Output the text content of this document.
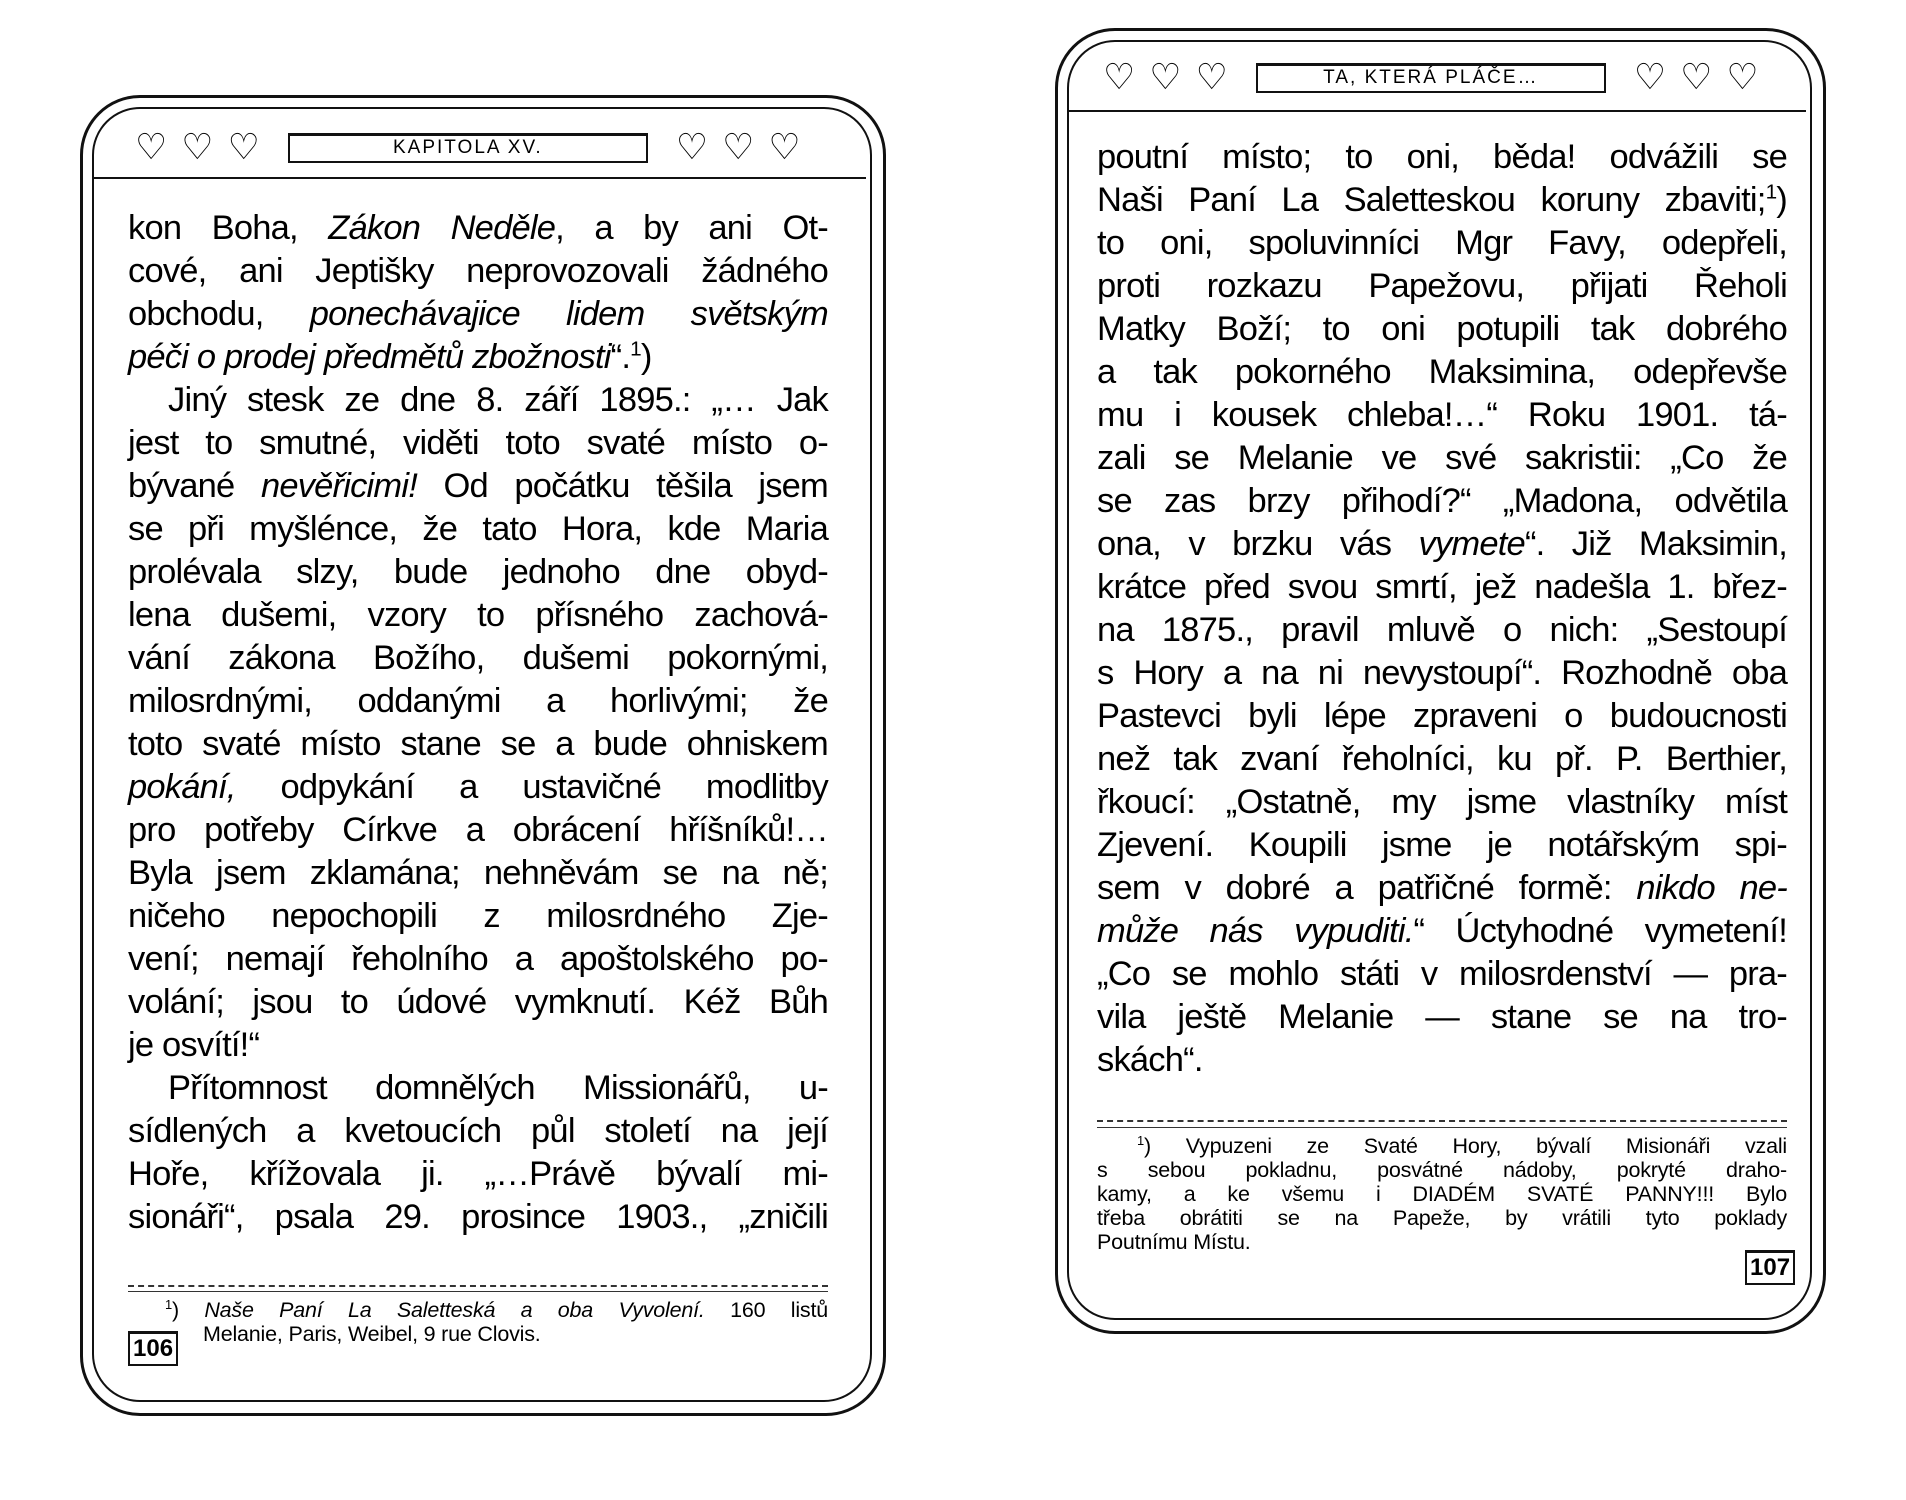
♡ ♡ ♡	KAPITOLA XV.	♡ ♡ ♡
kon Boha, Zákon Neděle, a by ani Ot-
cové, ani Jeptišky neprovozovali žádného
obchodu, ponechávajice lidem světským
péči o prodej předmětů zbožnosti“.$^1$)
Jiný stesk ze dne 8. září 1895.: „… Jak
jest to smutné, viděti toto svaté místo o-
bývané nevěřicimi! Od počátku těšila jsem
se při myšlénce, že tato Hora, kde Maria
prolévala slzy, bude jednoho dne obyd-
lena dušemi, vzory to přísného zachová-
vání zákona Božího, dušemi pokornými,
milosrdnými, oddanými a horlivými; že
toto svaté místo stane se a bude ohniskem
pokání, odpykání a ustavičné modlitby
pro potřeby Církve a obrácení hříšníků!…
Byla jsem zklamána; nehněvám se na ně;
ničeho nepochopili z milosrdného Zje-
vení; nemají řeholního a apoštolského po-
volání; jsou to údové vymknutí. Kéž Bůh
je osvítí!“
Přítomnost domnělých Missionářů, u-
sídlených a kvetoucích půl století na její
Hoře, křížovala ji. „…Právě bývalí mi-
sionáři“, psala 29. prosince 1903., „zničili
$^1$) Naše Paní La Saletteská a oba Vyvolení. 160 listů
Melanie, Paris, Weibel, 9 rue Clovis.
106
♡ ♡ ♡	TA, KTERÁ PLÁČE…	♡ ♡ ♡
poutní místo; to oni, běda! odvážili se
Naši Paní La Saletteskou koruny zbaviti;$^1$)
to oni, spoluvinníci Mgr Favy, odepřeli,
proti rozkazu Papežovu, přijati Řeholi
Matky Boží; to oni potupili tak dobrého
a tak pokorného Maksimina, odepřevše
mu i kousek chleba!…“ Roku 1901. tá-
zali se Melanie ve své sakristii: „Co že
se zas brzy přihodí?“ „Madona, odvětila
ona, v brzku vás vymete“. Již Maksimin,
krátce před svou smrtí, jež nadešla 1. břez-
na 1875., pravil mluvě o nich: „Sestoupí
s Hory a na ni nevystoupí“. Rozhodně oba
Pastevci byli lépe zpraveni o budoucnosti
než tak zvaní řeholníci, ku př. P. Berthier,
řkoucí: „Ostatně, my jsme vlastníky míst
Zjevení. Koupili jsme je notářským spi-
sem v dobré a patřičné formě: nikdo ne-
může nás vypuditi.“ Úctyhodné vymetení!
„Co se mohlo státi v milosrdenství — pra-
vila ještě Melanie — stane se na tro-
skách“.
$^1$) Vypuzeni ze Svaté Hory, bývalí Misionáři vzali
s sebou pokladnu, posvátné nádoby, pokryté draho-
kamy, a ke všemu i DIADÉM SVATÉ PANNY!!! Bylo
třeba obrátiti se na Papeže, by vrátili tyto poklady
Poutnímu Místu.
107
